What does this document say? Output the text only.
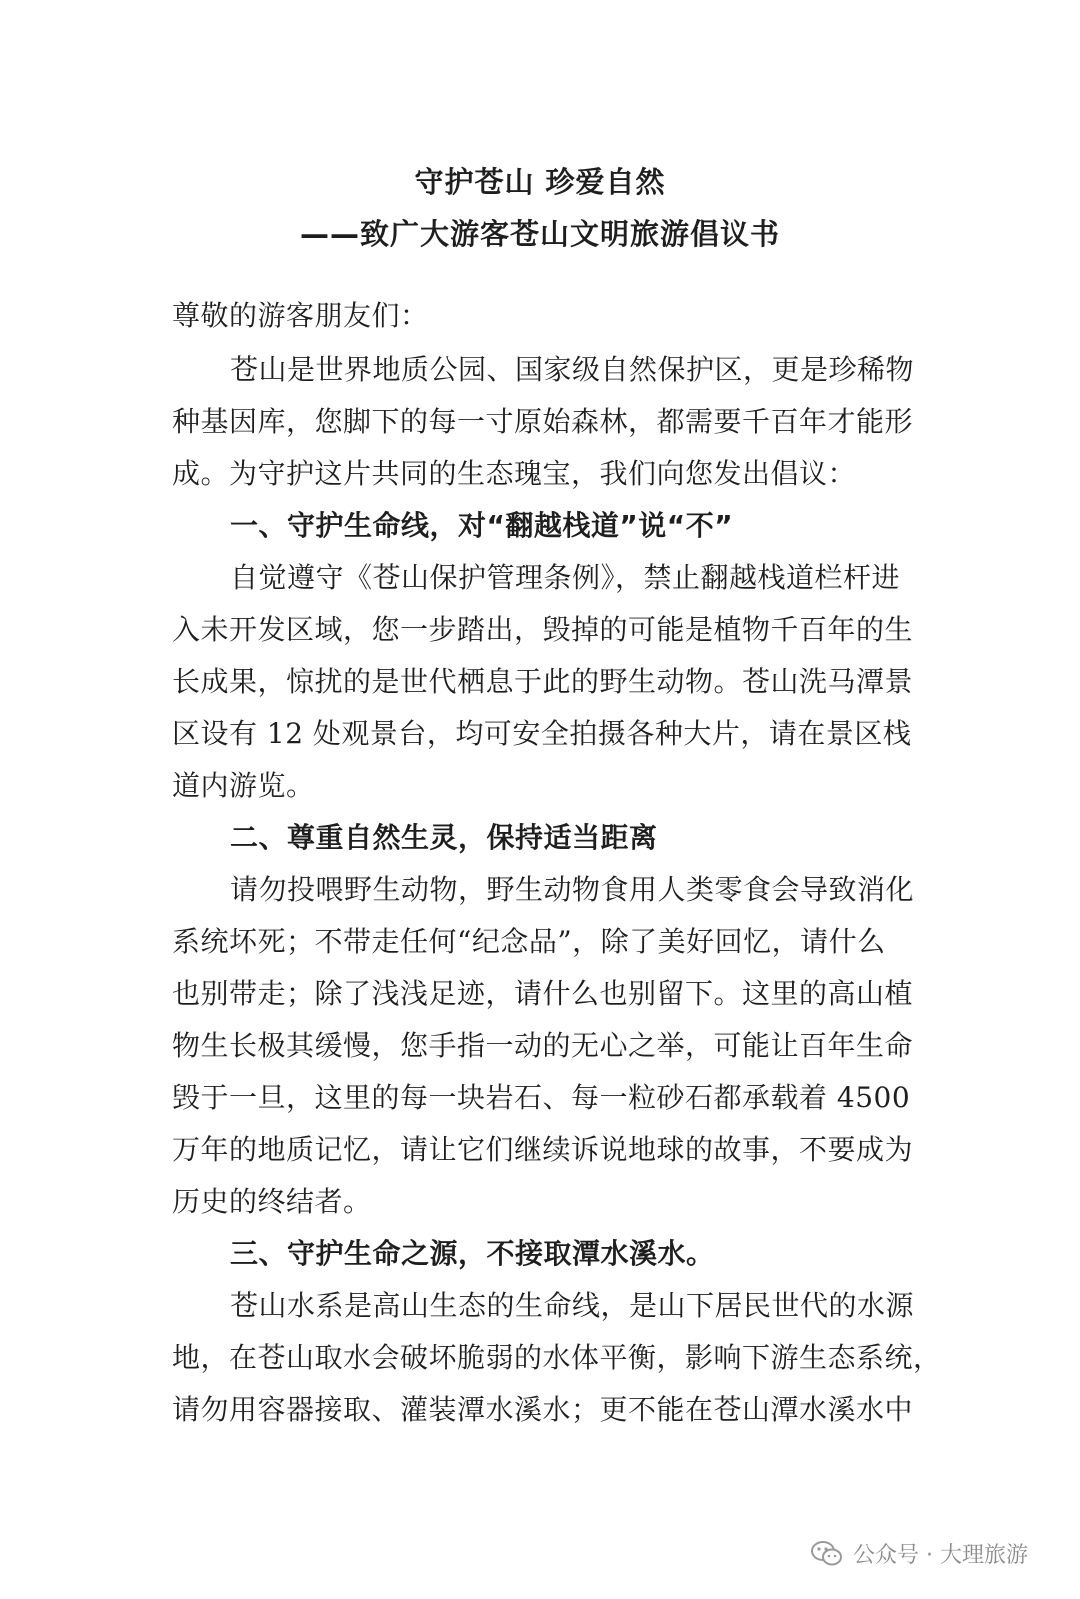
守护苍山 珍爱自然
——致广大游客苍山文明旅游倡议书
尊敬的游客朋友们：
苍山是世界地质公园、国家级自然保护区，更是珍稀物
种基因库，您脚下的每一寸原始森林，都需要千百年才能形
成。为守护这片共同的生态瑰宝，我们向您发出倡议：
一、守护生命线，对“翻越栈道”说“不”
自觉遵守《苍山保护管理条例》，禁止翻越栈道栏杆进
入未开发区域，您一步踏出，毁掉的可能是植物千百年的生
长成果，惊扰的是世代栖息于此的野生动物。苍山洗马潭景
区设有 12 处观景台，均可安全拍摄各种大片，请在景区栈
道内游览。
二、尊重自然生灵，保持适当距离
请勿投喂野生动物，野生动物食用人类零食会导致消化
系统坏死；不带走任何“纪念品”，除了美好回忆，请什么
也别带走；除了浅浅足迹，请什么也别留下。这里的高山植
物生长极其缓慢，您手指一动的无心之举，可能让百年生命
毁于一旦，这里的每一块岩石、每一粒砂石都承载着 4500
万年的地质记忆，请让它们继续诉说地球的故事，不要成为
历史的终结者。
三、守护生命之源，不接取潭水溪水。
苍山水系是高山生态的生命线，是山下居民世代的水源
地，在苍山取水会破坏脆弱的水体平衡，影响下游生态系统，
请勿用容器接取、灌装潭水溪水；更不能在苍山潭水溪水中
公众号 · 大理旅游
